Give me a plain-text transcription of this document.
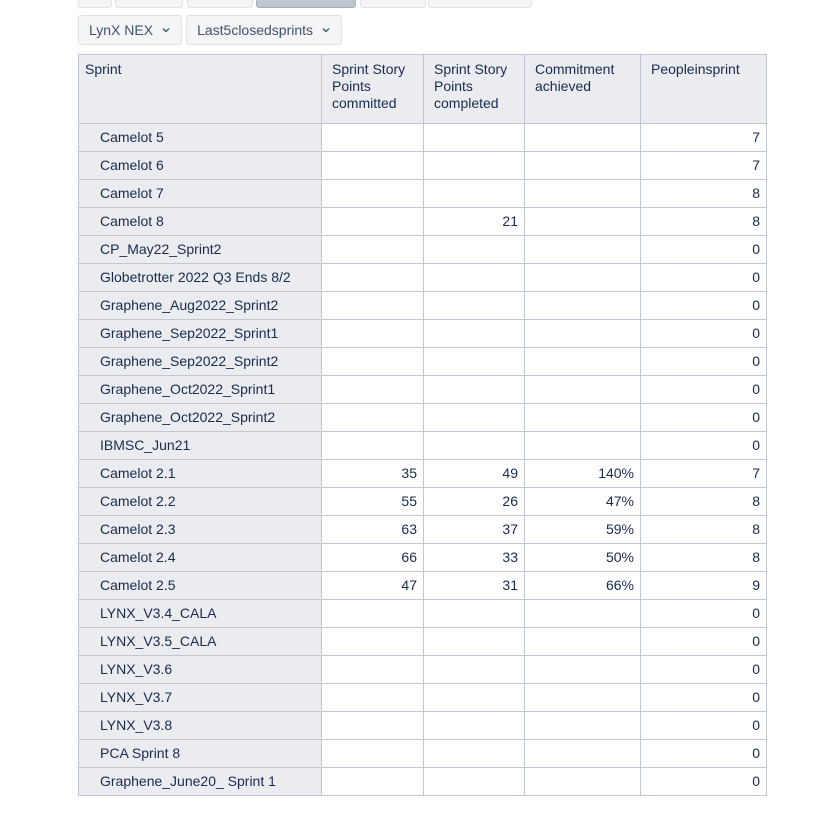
LynX NEX	Last5closedsprints
Sprint	Sprint Story Points committed	Sprint Story Points completed	Commitment achieved	Peopleinsprint
Camelot 5				7
Camelot 6				7
Camelot 7				8
Camelot 8		21		8
CP_May22_Sprint2				0
Globetrotter 2022 Q3 Ends 8/2				0
Graphene_Aug2022_Sprint2				0
Graphene_Sep2022_Sprint1				0
Graphene_Sep2022_Sprint2				0
Graphene_Oct2022_Sprint1				0
Graphene_Oct2022_Sprint2				0
IBMSC_Jun21				0
Camelot 2.1	35	49	140%	7
Camelot 2.2	55	26	47%	8
Camelot 2.3	63	37	59%	8
Camelot 2.4	66	33	50%	8
Camelot 2.5	47	31	66%	9
LYNX_V3.4_CALA				0
LYNX_V3.5_CALA				0
LYNX_V3.6				0
LYNX_V3.7				0
LYNX_V3.8				0
PCA Sprint 8				0
Graphene_June20_ Sprint 1				0
